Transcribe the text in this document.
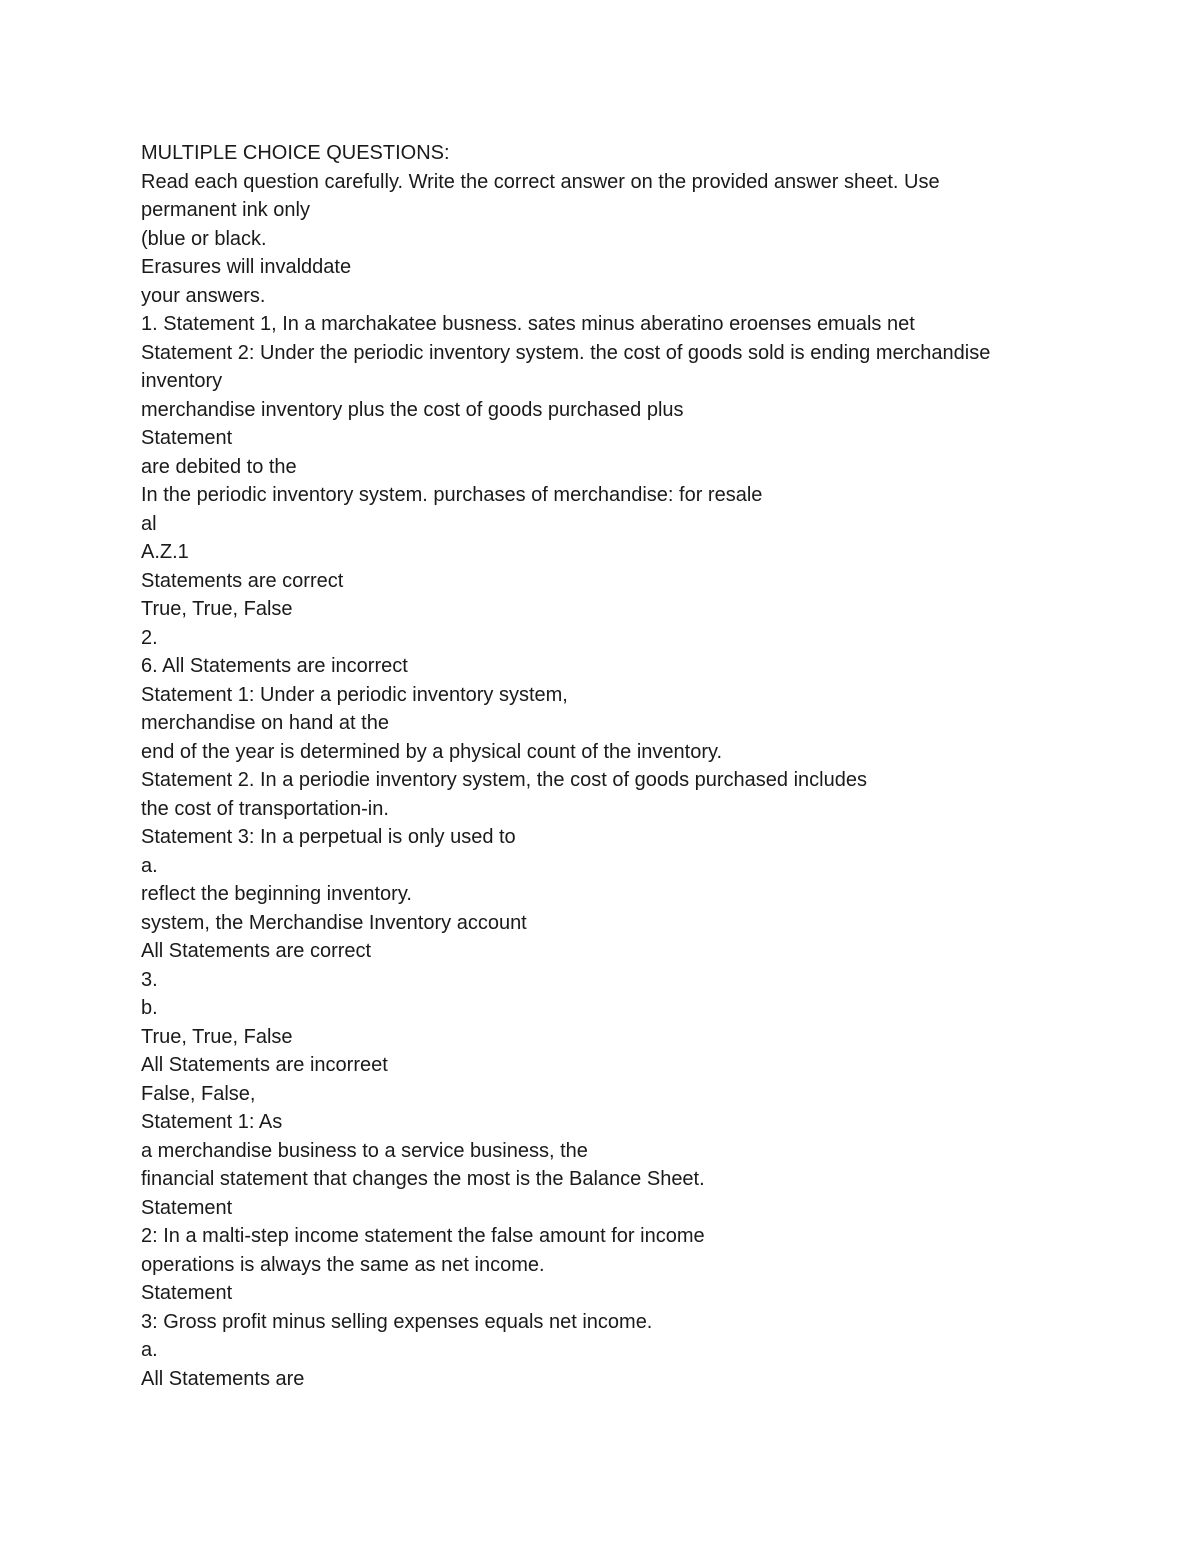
MULTIPLE CHOICE QUESTIONS:

Read each question carefully. Write the correct answer on the provided answer sheet. Use

permanent ink only

(blue or black.

Erasures will invalddate

your answers.

1. Statement 1, In a marchakatee busness. sates minus aberatino eroenses emuals net

Statement 2: Under the periodic inventory system. the cost of goods sold is ending merchandise

inventory

merchandise inventory plus the cost of goods purchased plus

Statement

are debited to the

In the periodic inventory system. purchases of merchandise: for resale

al

A.Z.1

Statements are correct

True, True, False

2.

6. All Statements are incorrect

Statement 1: Under a periodic inventory system,

merchandise on hand at the

end of the year is determined by a physical count of the inventory.

Statement 2. In a periodie inventory system, the cost of goods purchased includes

the cost of transportation-in.

Statement 3: In a perpetual is only used to

a.

reflect the beginning inventory.

system, the Merchandise Inventory account

All Statements are correct

3.

b.

True, True, False

All Statements are incorreet

False, False,

Statement 1: As

a merchandise business to a service business, the

financial statement that changes the most is the Balance Sheet.

Statement

2: In a malti-step income statement the false amount for income

operations is always the same as net income.

Statement

3: Gross profit minus selling expenses equals net income.

a.

All Statements are
